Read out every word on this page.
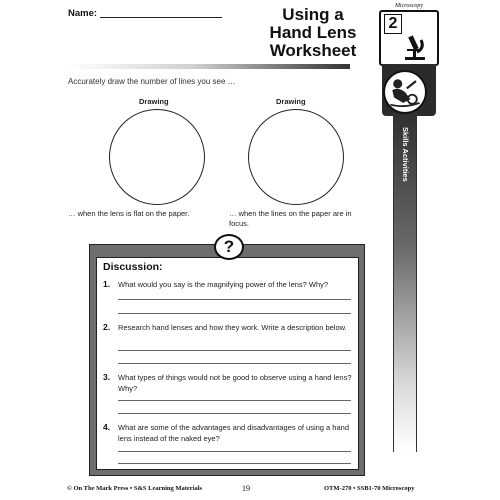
Name:	Using a
Hand Lens
Worksheet
Microscopy
2
Skills Activities
Accurately draw the number of lines you see …
Drawing
… when the lens is flat on the paper.
Drawing
… when the lines on the paper are in focus.
?
Discussion:
1. What would you say is the magnifying power of the lens? Why?
2. Research hand lenses and how they work. Write a description below.
3. What types of things would not be good to observe using a hand lens? Why?
4. What are some of the advantages and disadvantages of using a hand lens instead of the naked eye?
© On The Mark Press • S&S Learning Materials	19	OTM-270 • SSB1-70 Microscopy
